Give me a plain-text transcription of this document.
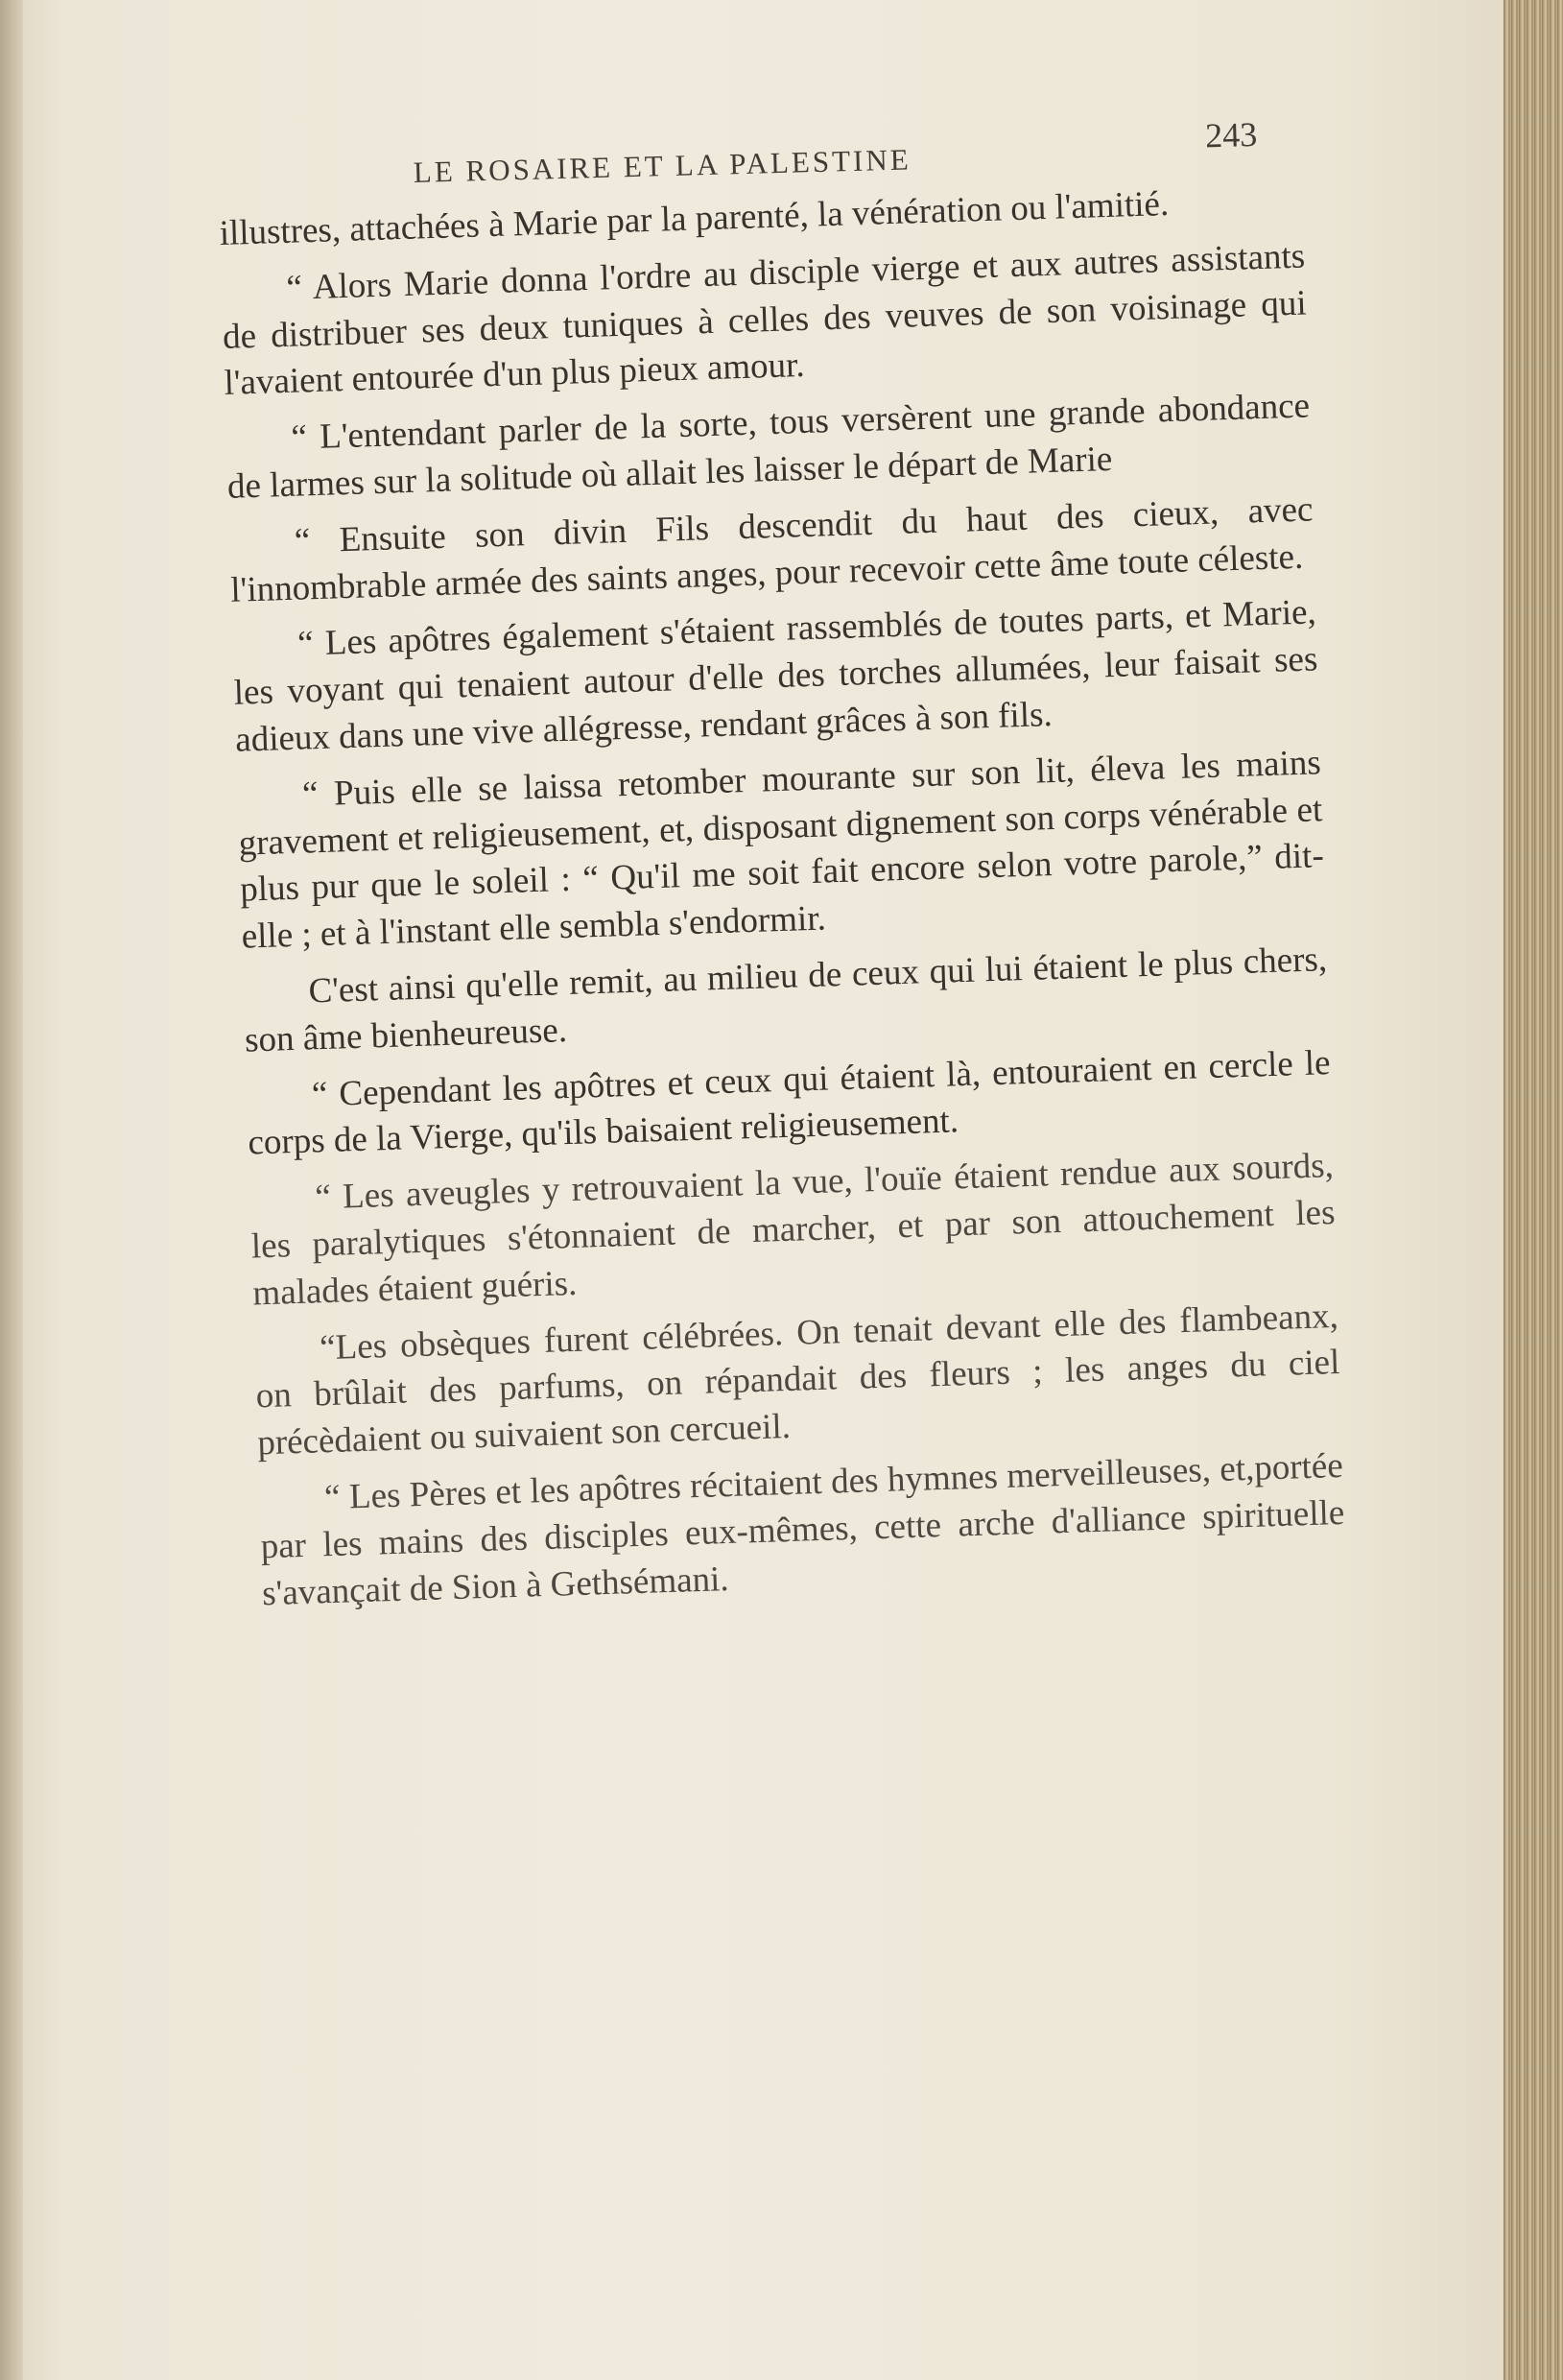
LE ROSAIRE ET LA PALESTINE
243

illustres, attachées à Marie par la parenté, la vénération ou l'amitié.

“ Alors Marie donna l'ordre au disciple vierge et aux autres assistants de distribuer ses deux tuniques à celles des veuves de son voisinage qui l'avaient entourée d'un plus pieux amour.

“ L'entendant parler de la sorte, tous versèrent une grande abondance de larmes sur la solitude où allait les laisser le départ de Marie

“ Ensuite son divin Fils descendit du haut des cieux, avec l'innombrable armée des saints anges, pour recevoir cette âme toute céleste.

“ Les apôtres également s'étaient rassemblés de toutes parts, et Marie, les voyant qui tenaient autour d'elle des torches allumées, leur faisait ses adieux dans une vive allégresse, rendant grâces à son fils.

“ Puis elle se laissa retomber mourante sur son lit, éleva les mains gravement et religieusement, et, disposant dignement son corps vénérable et plus pur que le soleil : “ Qu'il me soit fait encore selon votre parole,” dit-elle ; et à l'instant elle sembla s'endormir.

C'est ainsi qu'elle remit, au milieu de ceux qui lui étaient le plus chers, son âme bienheureuse.

“ Cependant les apôtres et ceux qui étaient là, entouraient en cercle le corps de la Vierge, qu'ils baisaient religieusement.

“ Les aveugles y retrouvaient la vue, l'ouïe étaient rendue aux sourds, les paralytiques s'étonnaient de marcher, et par son attouchement les malades étaient guéris.

“Les obsèques furent célébrées. On tenait devant elle des flambeanx, on brûlait des parfums, on répandait des fleurs ; les anges du ciel précèdaient ou suivaient son cercueil.

“ Les Pères et les apôtres récitaient des hymnes merveilleuses, et,portée par les mains des disciples eux-mêmes, cette arche d'alliance spirituelle s'avançait de Sion à Gethsémani.
